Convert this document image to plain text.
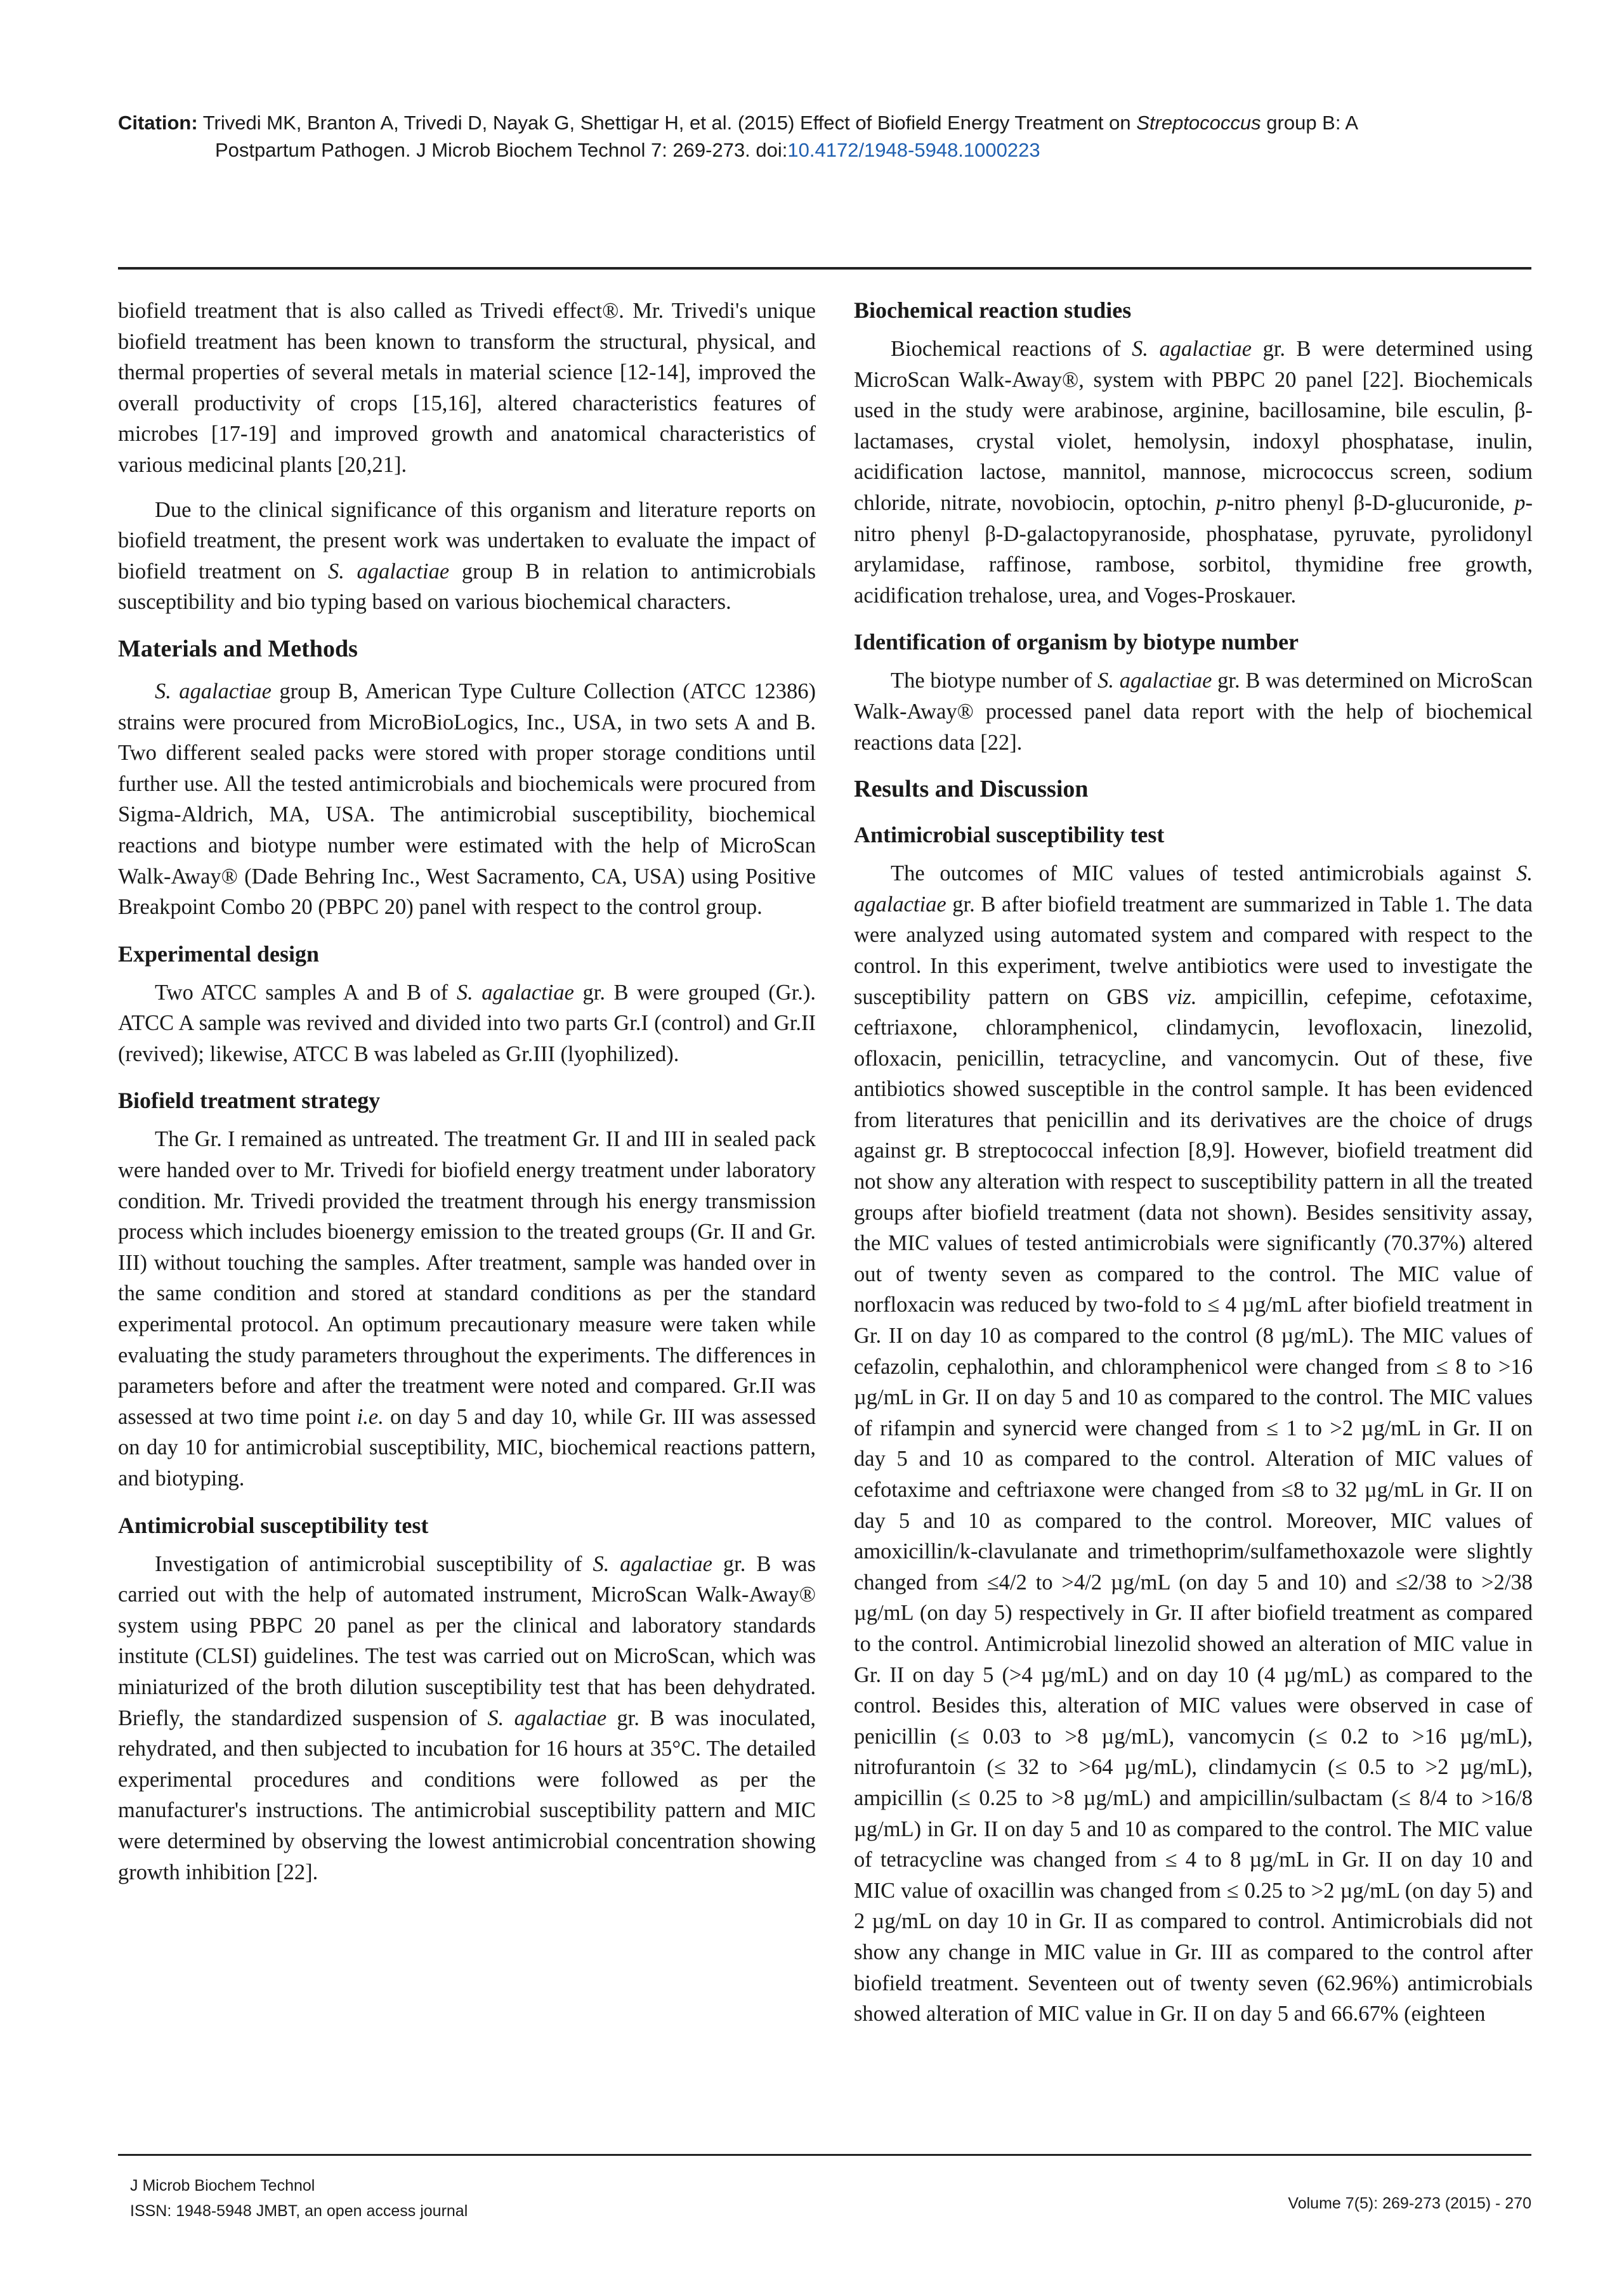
Citation: Trivedi MK, Branton A, Trivedi D, Nayak G, Shettigar H, et al. (2015) Effect of Biofield Energy Treatment on Streptococcus group B: A
Postpartum Pathogen. J Microb Biochem Technol 7: 269-273. doi:10.4172/1948-5948.1000223

biofield treatment that is also called as Trivedi effect®. Mr. Trivedi's unique biofield treatment has been known to transform the structural, physical, and thermal properties of several metals in material science [12-14], improved the overall productivity of crops [15,16], altered characteristics features of microbes [17-19] and improved growth and anatomical characteristics of various medicinal plants [20,21].

Due to the clinical significance of this organism and literature reports on biofield treatment, the present work was undertaken to evaluate the impact of biofield treatment on S. agalactiae group B in relation to antimicrobials susceptibility and bio typing based on various biochemical characters.

Materials and Methods

S. agalactiae group B, American Type Culture Collection (ATCC 12386) strains were procured from MicroBioLogics, Inc., USA, in two sets A and B. Two different sealed packs were stored with proper storage conditions until further use. All the tested antimicrobials and biochemicals were procured from Sigma-Aldrich, MA, USA. The antimicrobial susceptibility, biochemical reactions and biotype number were estimated with the help of MicroScan Walk-Away® (Dade Behring Inc., West Sacramento, CA, USA) using Positive Breakpoint Combo 20 (PBPC 20) panel with respect to the control group.

Experimental design

Two ATCC samples A and B of S. agalactiae gr. B were grouped (Gr.). ATCC A sample was revived and divided into two parts Gr.I (control) and Gr.II (revived); likewise, ATCC B was labeled as Gr.III (lyophilized).

Biofield treatment strategy

The Gr. I remained as untreated. The treatment Gr. II and III in sealed pack were handed over to Mr. Trivedi for biofield energy treatment under laboratory condition. Mr. Trivedi provided the treatment through his energy transmission process which includes bioenergy emission to the treated groups (Gr. II and Gr. III) without touching the samples. After treatment, sample was handed over in the same condition and stored at standard conditions as per the standard experimental protocol. An optimum precautionary measure were taken while evaluating the study parameters throughout the experiments. The differences in parameters before and after the treatment were noted and compared. Gr.II was assessed at two time point i.e. on day 5 and day 10, while Gr. III was assessed on day 10 for antimicrobial susceptibility, MIC, biochemical reactions pattern, and biotyping.

Antimicrobial susceptibility test

Investigation of antimicrobial susceptibility of S. agalactiae gr. B was carried out with the help of automated instrument, MicroScan Walk-Away® system using PBPC 20 panel as per the clinical and laboratory standards institute (CLSI) guidelines. The test was carried out on MicroScan, which was miniaturized of the broth dilution susceptibility test that has been dehydrated. Briefly, the standardized suspension of S. agalactiae gr. B was inoculated, rehydrated, and then subjected to incubation for 16 hours at 35°C. The detailed experimental procedures and conditions were followed as per the manufacturer's instructions. The antimicrobial susceptibility pattern and MIC were determined by observing the lowest antimicrobial concentration showing growth inhibition [22].

Biochemical reaction studies

Biochemical reactions of S. agalactiae gr. B were determined using MicroScan Walk-Away®, system with PBPC 20 panel [22]. Biochemicals used in the study were arabinose, arginine, bacillosamine, bile esculin, β-lactamases, crystal violet, hemolysin, indoxyl phosphatase, inulin, acidification lactose, mannitol, mannose, micrococcus screen, sodium chloride, nitrate, novobiocin, optochin, p-nitro phenyl β-D-glucuronide, p-nitro phenyl β-D-galactopyranoside, phosphatase, pyruvate, pyrolidonyl arylamidase, raffinose, rambose, sorbitol, thymidine free growth, acidification trehalose, urea, and Voges-Proskauer.

Identification of organism by biotype number

The biotype number of S. agalactiae gr. B was determined on MicroScan Walk-Away® processed panel data report with the help of biochemical reactions data [22].

Results and Discussion
Antimicrobial susceptibility test

The outcomes of MIC values of tested antimicrobials against S. agalactiae gr. B after biofield treatment are summarized in Table 1. The data were analyzed using automated system and compared with respect to the control. In this experiment, twelve antibiotics were used to investigate the susceptibility pattern on GBS viz. ampicillin, cefepime, cefotaxime, ceftriaxone, chloramphenicol, clindamycin, levofloxacin, linezolid, ofloxacin, penicillin, tetracycline, and vancomycin. Out of these, five antibiotics showed susceptible in the control sample. It has been evidenced from literatures that penicillin and its derivatives are the choice of drugs against gr. B streptococcal infection [8,9]. However, biofield treatment did not show any alteration with respect to susceptibility pattern in all the treated groups after biofield treatment (data not shown). Besides sensitivity assay, the MIC values of tested antimicrobials were significantly (70.37%) altered out of twenty seven as compared to the control. The MIC value of norfloxacin was reduced by two-fold to ≤ 4 µg/mL after biofield treatment in Gr. II on day 10 as compared to the control (8 µg/mL). The MIC values of cefazolin, cephalothin, and chloramphenicol were changed from ≤ 8 to >16 µg/mL in Gr. II on day 5 and 10 as compared to the control. The MIC values of rifampin and synercid were changed from ≤ 1 to >2 µg/mL in Gr. II on day 5 and 10 as compared to the control. Alteration of MIC values of cefotaxime and ceftriaxone were changed from ≤8 to 32 µg/mL in Gr. II on day 5 and 10 as compared to the control. Moreover, MIC values of amoxicillin/k-clavulanate and trimethoprim/sulfamethoxazole were slightly changed from ≤4/2 to >4/2 µg/mL (on day 5 and 10) and ≤2/38 to >2/38 µg/mL (on day 5) respectively in Gr. II after biofield treatment as compared to the control. Antimicrobial linezolid showed an alteration of MIC value in Gr. II on day 5 (>4 µg/mL) and on day 10 (4 µg/mL) as compared to the control. Besides this, alteration of MIC values were observed in case of penicillin (≤ 0.03 to >8 µg/mL), vancomycin (≤ 0.2 to >16 µg/mL), nitrofurantoin (≤ 32 to >64 µg/mL), clindamycin (≤ 0.5 to >2 µg/mL), ampicillin (≤ 0.25 to >8 µg/mL) and ampicillin/sulbactam (≤ 8/4 to >16/8 µg/mL) in Gr. II on day 5 and 10 as compared to the control. The MIC value of tetracycline was changed from ≤ 4 to 8 µg/mL in Gr. II on day 10 and MIC value of oxacillin was changed from ≤ 0.25 to >2 µg/mL (on day 5) and 2 µg/mL on day 10 in Gr. II as compared to control. Antimicrobials did not show any change in MIC value in Gr. III as compared to the control after biofield treatment. Seventeen out of twenty seven (62.96%) antimicrobials showed alteration of MIC value in Gr. II on day 5 and 66.67% (eighteen

J Microb Biochem Technol
ISSN: 1948-5948 JMBT, an open access journal	Volume 7(5): 269-273 (2015) - 270
